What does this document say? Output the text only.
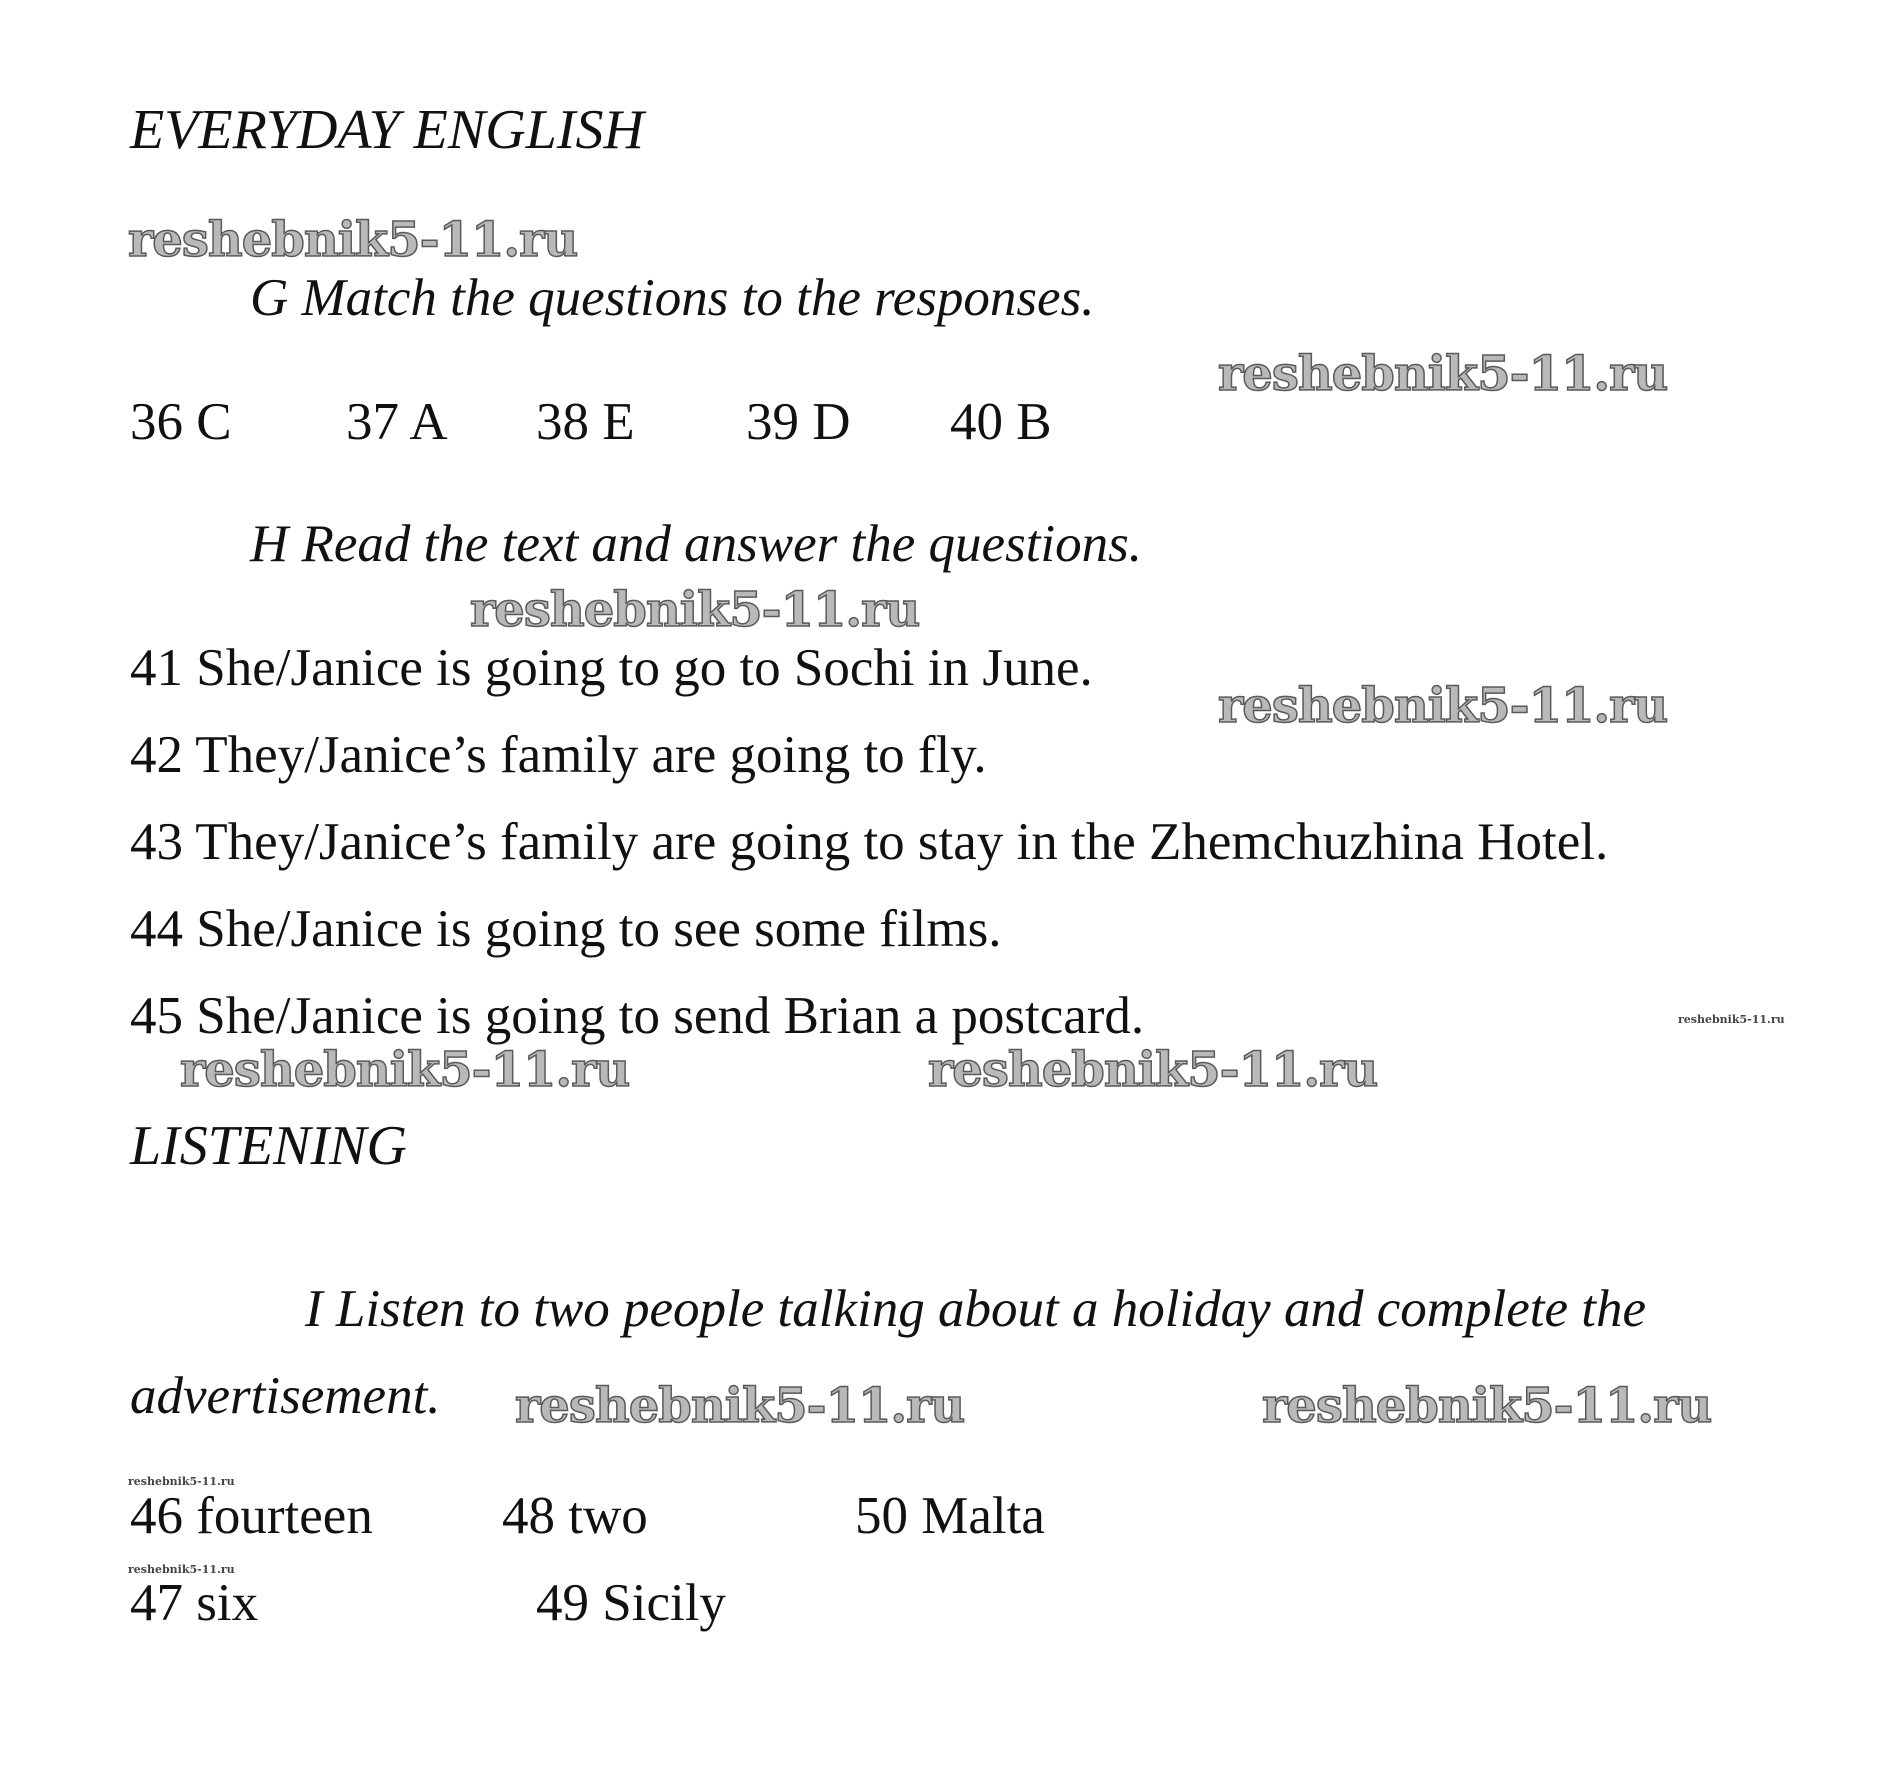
EVERYDAY ENGLISH
LISTENING
G Match the questions to the responses.
36 C 37 A 38 E 39 D 40 B
H Read the text and answer the questions.
41 She/Janice is going to go to Sochi in June.
42 They/Janice’s family are going to fly.
43 They/Janice’s family are going to stay in the Zhemchuzhina Hotel.
44 She/Janice is going to see some films.
45 She/Janice is going to send Brian a postcard.
I Listen to two people talking about a holiday and complete the
advertisement.
46 fourteen
47 six
48 two
49 Sicily
50 Malta
reshebnik5-11.ru
reshebnik5-11.ru
reshebnik5-11.ru
reshebnik5-11.ru
reshebnik5-11.ru	reshebnik5-11.ru
reshebnik5-11.ru	reshebnik5-11.ru
reshebnik5-11.ru
reshebnik5-11.ru
reshebnik5-11.ru
